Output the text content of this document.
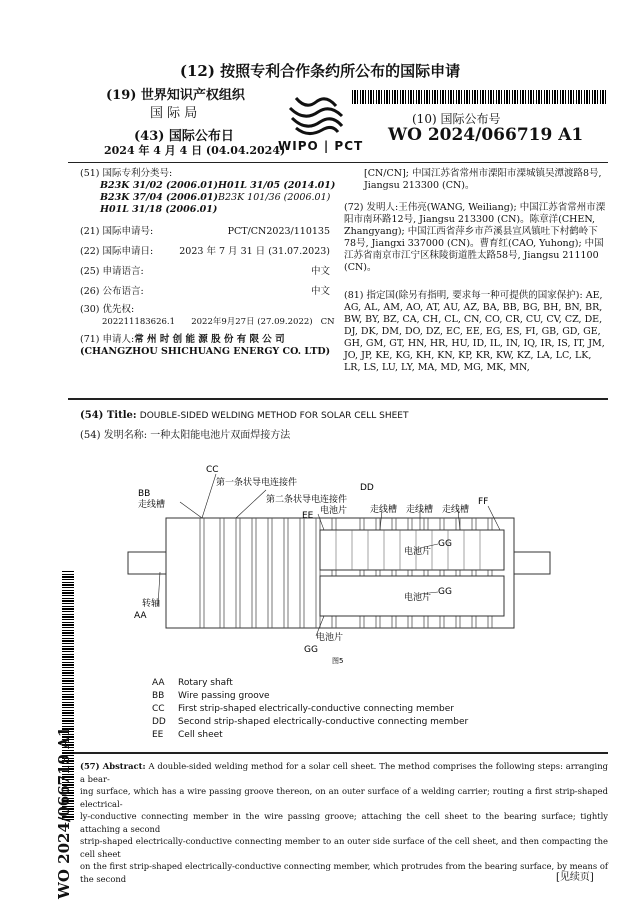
(12) 按照专利合作条约所公布的国际申请
(19) 世界知识产权组织
国 际 局
(43) 国际公布日
2024 年 4 月 4 日 (04.04.2024)
WIPO | PCT
(10) 国际公布号
WO 2024/066719 A1
(51) 国际专利分类号:
B23K 31/02 (2006.01) H01L 31/05 (2014.01)
B23K 37/04 (2006.01) B23K 101/36 (2006.01)
H01L 31/18 (2006.01)
(21) 国际申请号:	PCT/CN2023/110135
(22) 国际申请日:	2023 年 7 月 31 日 (31.07.2023)
(25) 申请语言:	中文
(26) 公布语言:	中文
(30) 优先权:
202211183626.1      2022年9月27日 (27.09.2022)   CN
(71) 申请人:常 州 时 创 能 源 股 份 有 限 公 司(CHANGZHOU SHICHUANG ENERGY CO. LTD)
[CN/CN]; 中国江苏省常州市溧阳市溧城镇吴潭渡路8号, Jiangsu 213300 (CN)。
(72) 发明人:王伟亮(WANG, Weiliang); 中国江苏省常州市溧阳市南环路12号, Jiangsu 213300 (CN)。陈章洋(CHEN, Zhangyang); 中国江西省萍乡市芦溪县宣风镇吐下村鹤岭下78号, Jiangxi 337000 (CN)。曹育红(CAO, Yuhong); 中国江苏省南京市江宁区秣陵街道胜太路58号, Jiangsu 211100 (CN)。
(81) 指定国(除另有指明, 要求每一种可提供的国家保护): AE, AG, AL, AM, AO, AT, AU, AZ, BA, BB, BG, BH, BN, BR, BW, BY, BZ, CA, CH, CL, CN, CO, CR, CU, CV, CZ, DE, DJ, DK, DM, DO, DZ, EC, EE, EG, ES, FI, GB, GD, GE, GH, GM, GT, HN, HR, HU, ID, IL, IN, IQ, IR, IS, IT, JM, JO, JP, KE, KG, KH, KN, KP, KR, KW, KZ, LA, LC, LK, LR, LS, LU, LY, MA, MD, MG, MK, MN,
(54) Title: DOUBLE-SIDED WELDING METHOD FOR SOLAR CELL SHEET
(54) 发明名称: 一种太阳能电池片双面焊接方法
CC
BB
走线槽
第一条状导电连接件
第二条状导电连接件
DD
EE 电池片	走线槽 走线槽 走线槽
FF
电池片
GG
电池片
GG
转轴
AA
电池片
GG
图5
AA Rotary shaft
BB Wire passing groove
CC First strip-shaped electrically-conductive connecting member
DD Second strip-shaped electrically-conductive connecting member
EE Cell sheet
(57) Abstract: A double-sided welding method for a solar cell sheet. The method comprises the following steps: arranging a bear-
ing surface, which has a wire passing groove thereon, on an outer surface of a welding carrier; routing a first strip-shaped electrical-
ly-conductive connecting member in the wire passing groove; attaching the cell sheet to the bearing surface; tightly attaching a second
strip-shaped electrically-conductive connecting member to an outer side surface of the cell sheet, and then compacting the cell sheet
on the first strip-shaped electrically-conductive connecting member, which protrudes from the bearing surface, by means of the second	[见续页]
WO 2024/066719 A1
